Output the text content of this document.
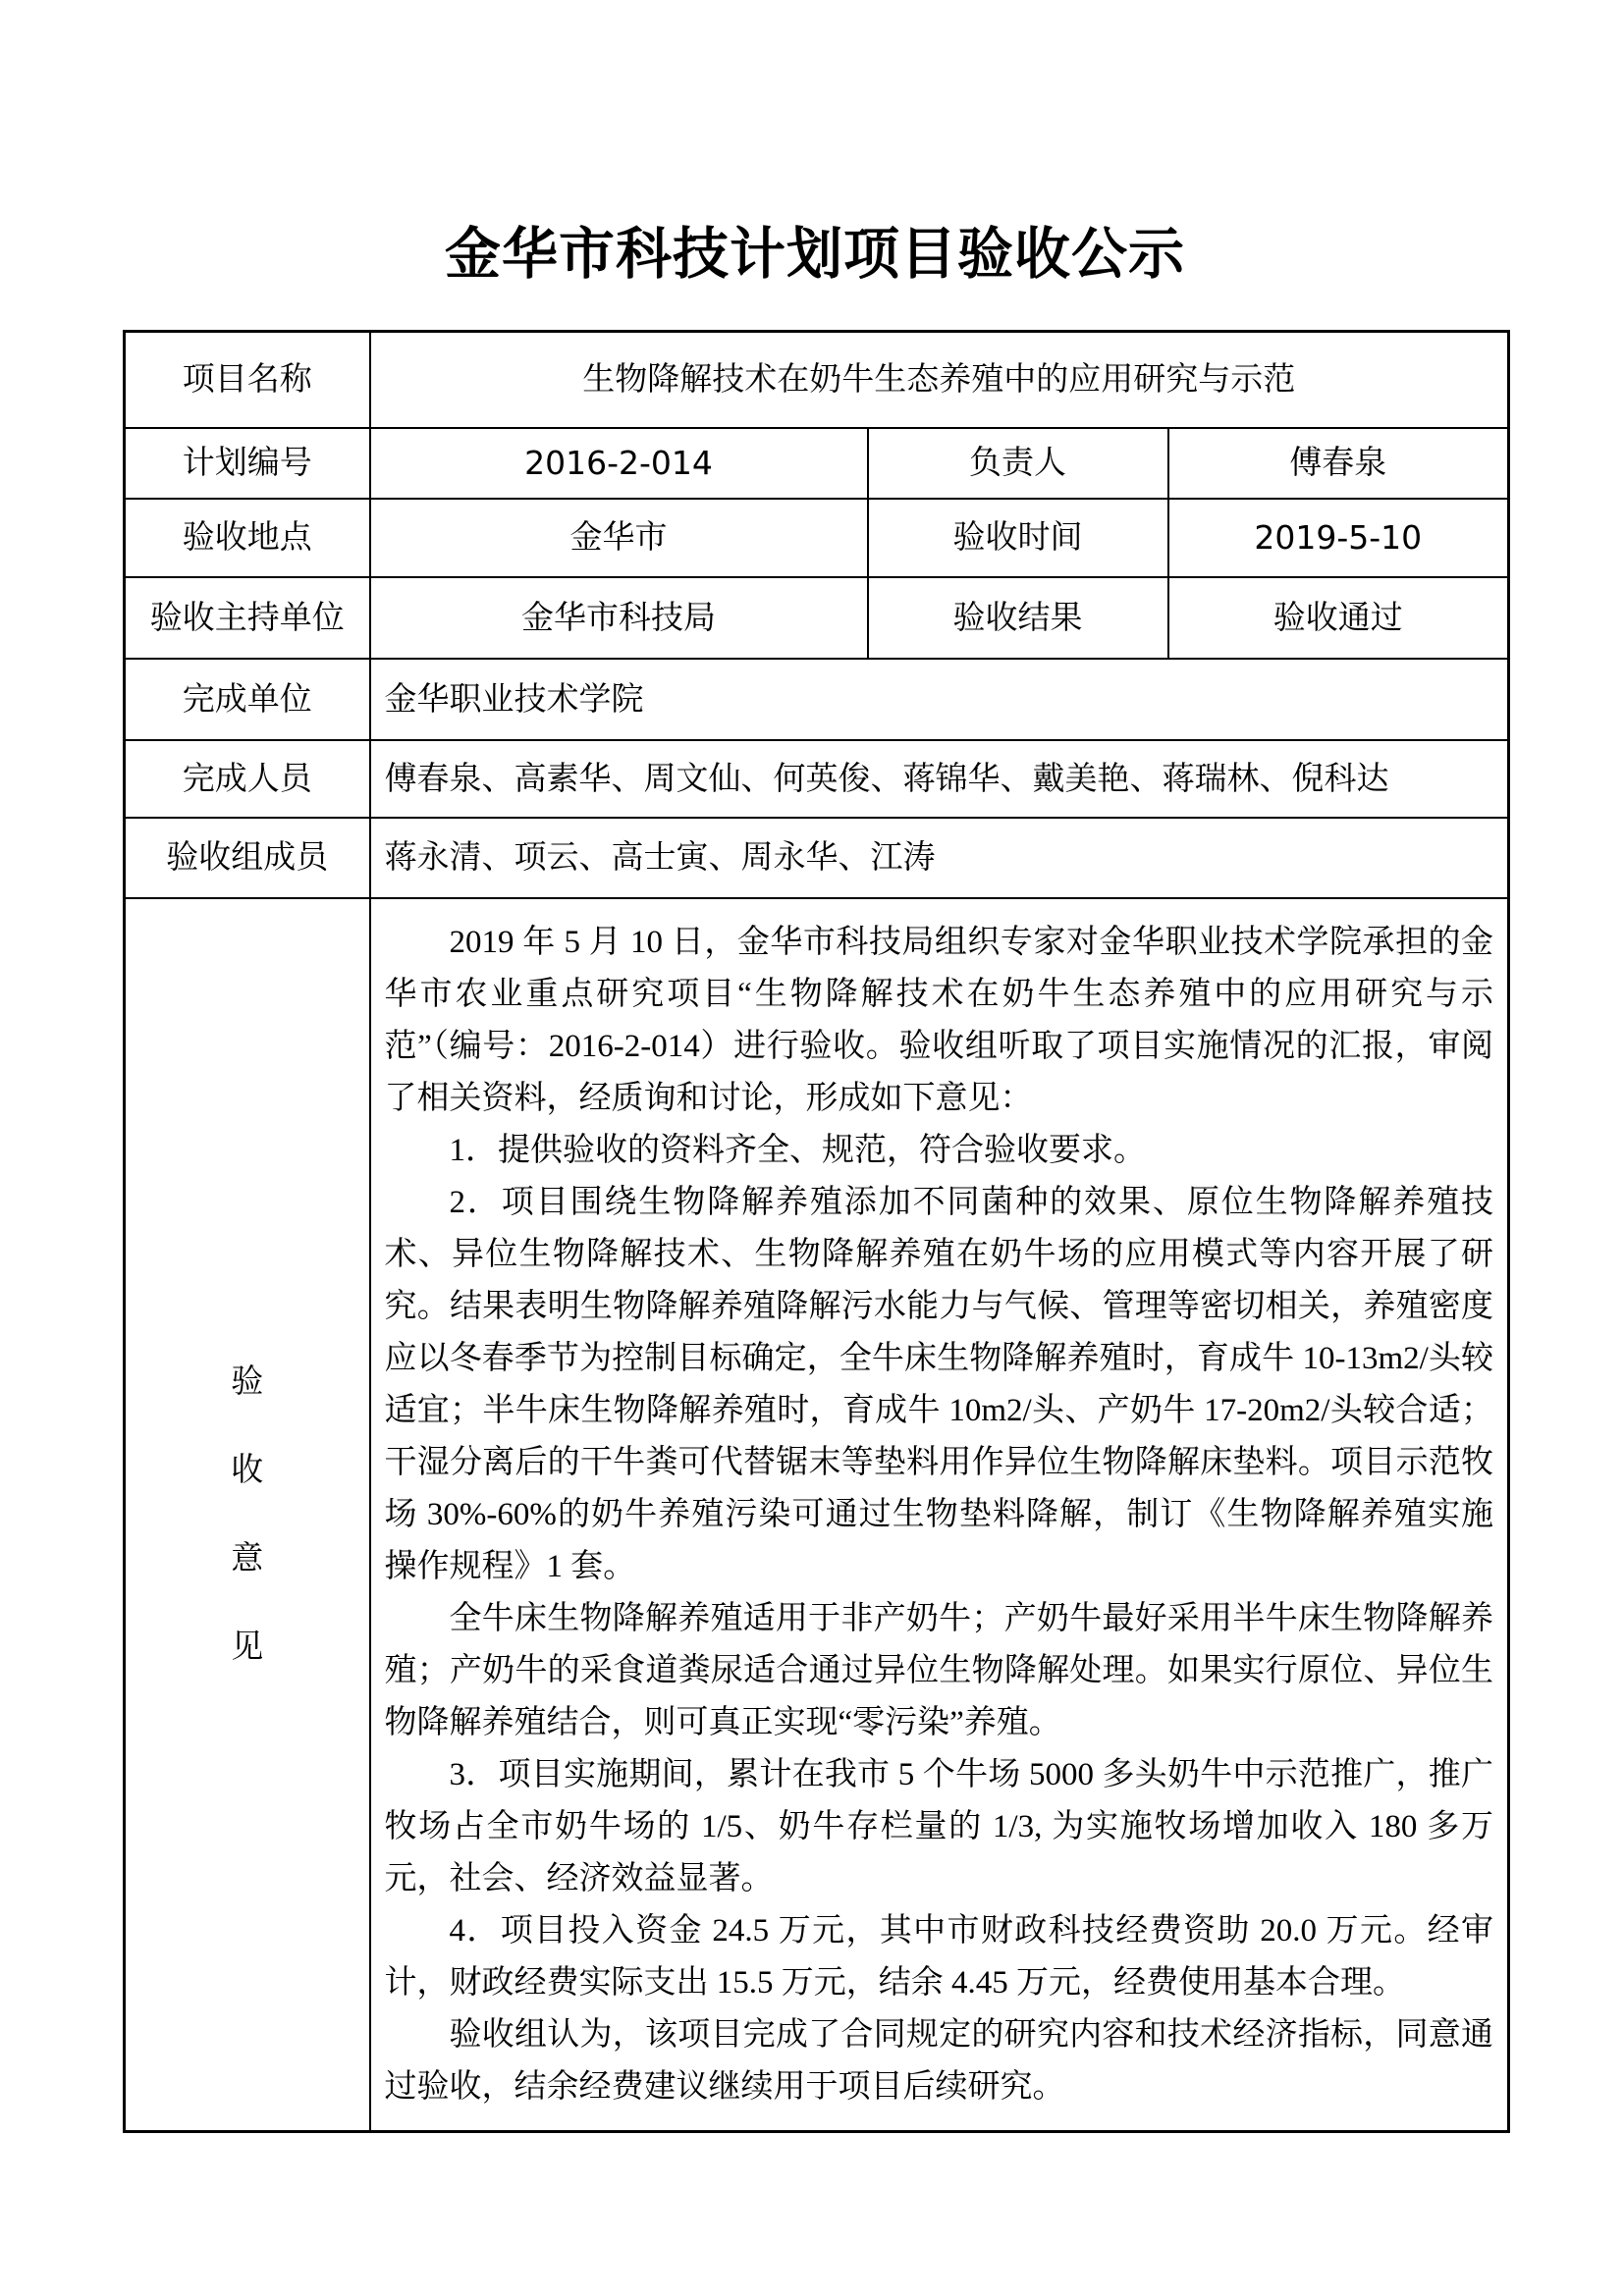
金华市科技计划项目验收公示
项目名称	生物降解技术在奶牛生态养殖中的应用研究与示范		
计划编号	2016-2-014	负责人	傅春泉
验收地点	金华市	验收时间	2019-5-10
验收主持单位	金华市科技局	验收结果	验收通过
完成单位	金华职业技术学院		
完成人员	傅春泉、高素华、周文仙、何英俊、蒋锦华、戴美艳、蒋瑞林、倪科达		
验收组成员	蒋永清、项云、高士寅、周永华、江涛		

验
收
意
见

2019 年 5 月 10 日，金华市科技局组织专家对金华职业技术学院承担的金华市农业重点研究项目“生物降解技术在奶牛生态养殖中的应用研究与示范”（编号：2016-2-014）进行验收。验收组听取了项目实施情况的汇报，审阅了相关资料，经质询和讨论，形成如下意见：

1．提供验收的资料齐全、规范，符合验收要求。

2．项目围绕生物降解养殖添加不同菌种的效果、原位生物降解养殖技术、异位生物降解技术、生物降解养殖在奶牛场的应用模式等内容开展了研究。结果表明生物降解养殖降解污水能力与气候、管理等密切相关，养殖密度应以冬春季节为控制目标确定，全牛床生物降解养殖时，育成牛 10-13m2/头较适宜；半牛床生物降解养殖时，育成牛 10m2/头、产奶牛 17-20m2/头较合适；干湿分离后的干牛粪可代替锯末等垫料用作异位生物降解床垫料。项目示范牧场 30%-60%的奶牛养殖污染可通过生物垫料降解，制订《生物降解养殖实施操作规程》1 套。

全牛床生物降解养殖适用于非产奶牛；产奶牛最好采用半牛床生物降解养殖；产奶牛的采食道粪尿适合通过异位生物降解处理。如果实行原位、异位生物降解养殖结合，则可真正实现“零污染”养殖。

3．项目实施期间，累计在我市 5 个牛场 5000 多头奶牛中示范推广，推广牧场占全市奶牛场的 1/5、奶牛存栏量的 1/3, 为实施牧场增加收入 180 多万元，社会、经济效益显著。

4．项目投入资金 24.5 万元，其中市财政科技经费资助 20.0 万元。经审计，财政经费实际支出 15.5 万元，结余 4.45 万元，经费使用基本合理。

验收组认为，该项目完成了合同规定的研究内容和技术经济指标，同意通过验收，结余经费建议继续用于项目后续研究。
